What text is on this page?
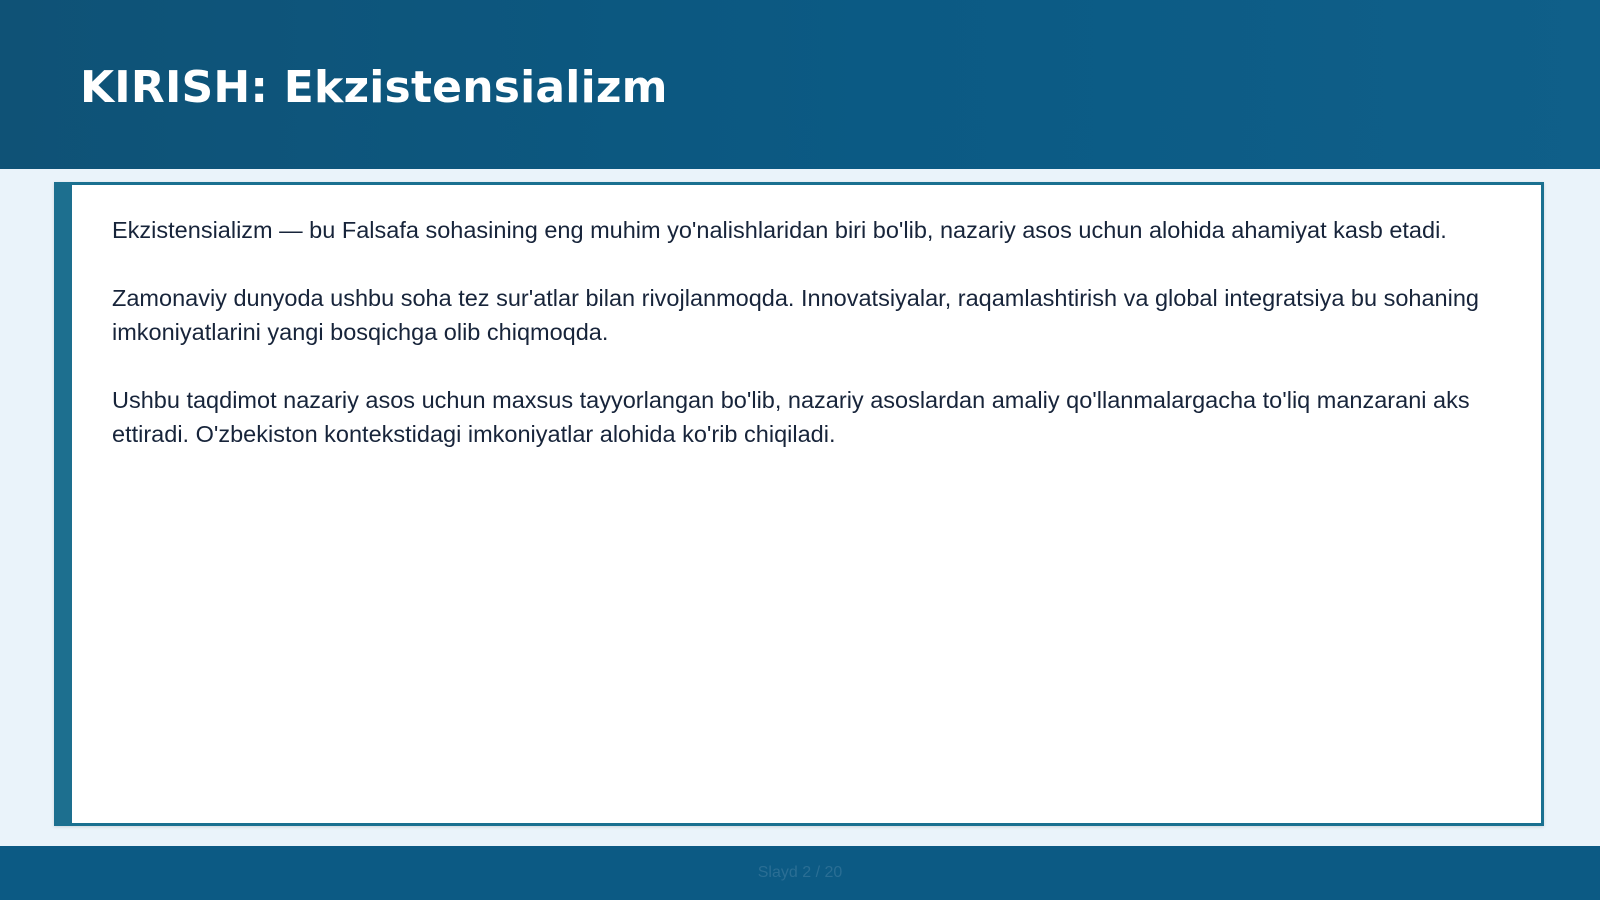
KIRISH: Ekzistensializm

Ekzistensializm — bu Falsafa sohasining eng muhim yo'nalishlaridan biri bo'lib, nazariy asos uchun alohida ahamiyat kasb etadi.

Zamonaviy dunyoda ushbu soha tez sur'atlar bilan rivojlanmoqda. Innovatsiyalar, raqamlashtirish va global integratsiya bu sohaning imkoniyatlarini yangi bosqichga olib chiqmoqda.

Ushbu taqdimot nazariy asos uchun maxsus tayyorlangan bo'lib, nazariy asoslardan amaliy qo'llanmalargacha to'liq manzarani aks ettiradi. O'zbekiston kontekstidagi imkoniyatlar alohida ko'rib chiqiladi.

Slayd 2 / 20
